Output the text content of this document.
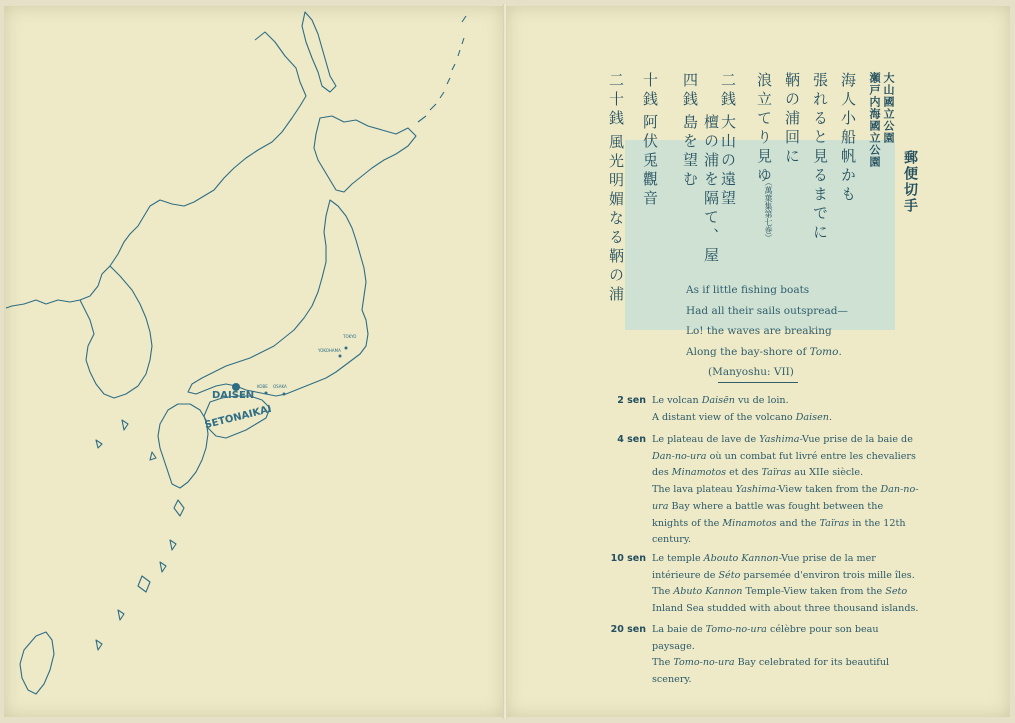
DAISEN
SETONAIKAI
KOBE OSAKA
TOKYO
YOKOHAMA
大山國立公園
瀬戸内海國立公園
郵便切手
海人小船帆かも
張れると見るまでに
鞆の浦回に
浪立てり見ゆ
（萬葉集第七巻）
二銭
大山の遠望
四銭
檀の浦を隔て、屋島を望む
十銭
阿伏兎觀音
二十銭
風光明媚なる鞆の浦	As if little fishing boats
Had all their sails outspread—
Lo! the waves are breaking
Along the bay-shore of Tomo.
(Manyoshu: VII)
2 sen Le volcan Daisēn vu de loin.

A distant view of the volcano Daisen.

4 sen Le plateau de lave de Yashima-Vue prise de la baie de Dan-no-ura où un combat fut livré entre les chevaliers des Minamotos et des Taïras au XIIe siècle.

The lava plateau Yashima-View taken from the Dan-no-ura Bay where a battle was fought between the knights of the Minamotos and the Taïras in the 12th century.

10 sen Le temple Abouto Kannon-Vue prise de la mer intérieure de Séto parsemée d'environ trois mille îles.

The Abuto Kannon Temple-View taken from the Seto Inland Sea studded with about three thousand islands.

20 sen La baie de Tomo-no-ura célèbre pour son beau paysage.

The Tomo-no-ura Bay celebrated for its beautiful scenery.
